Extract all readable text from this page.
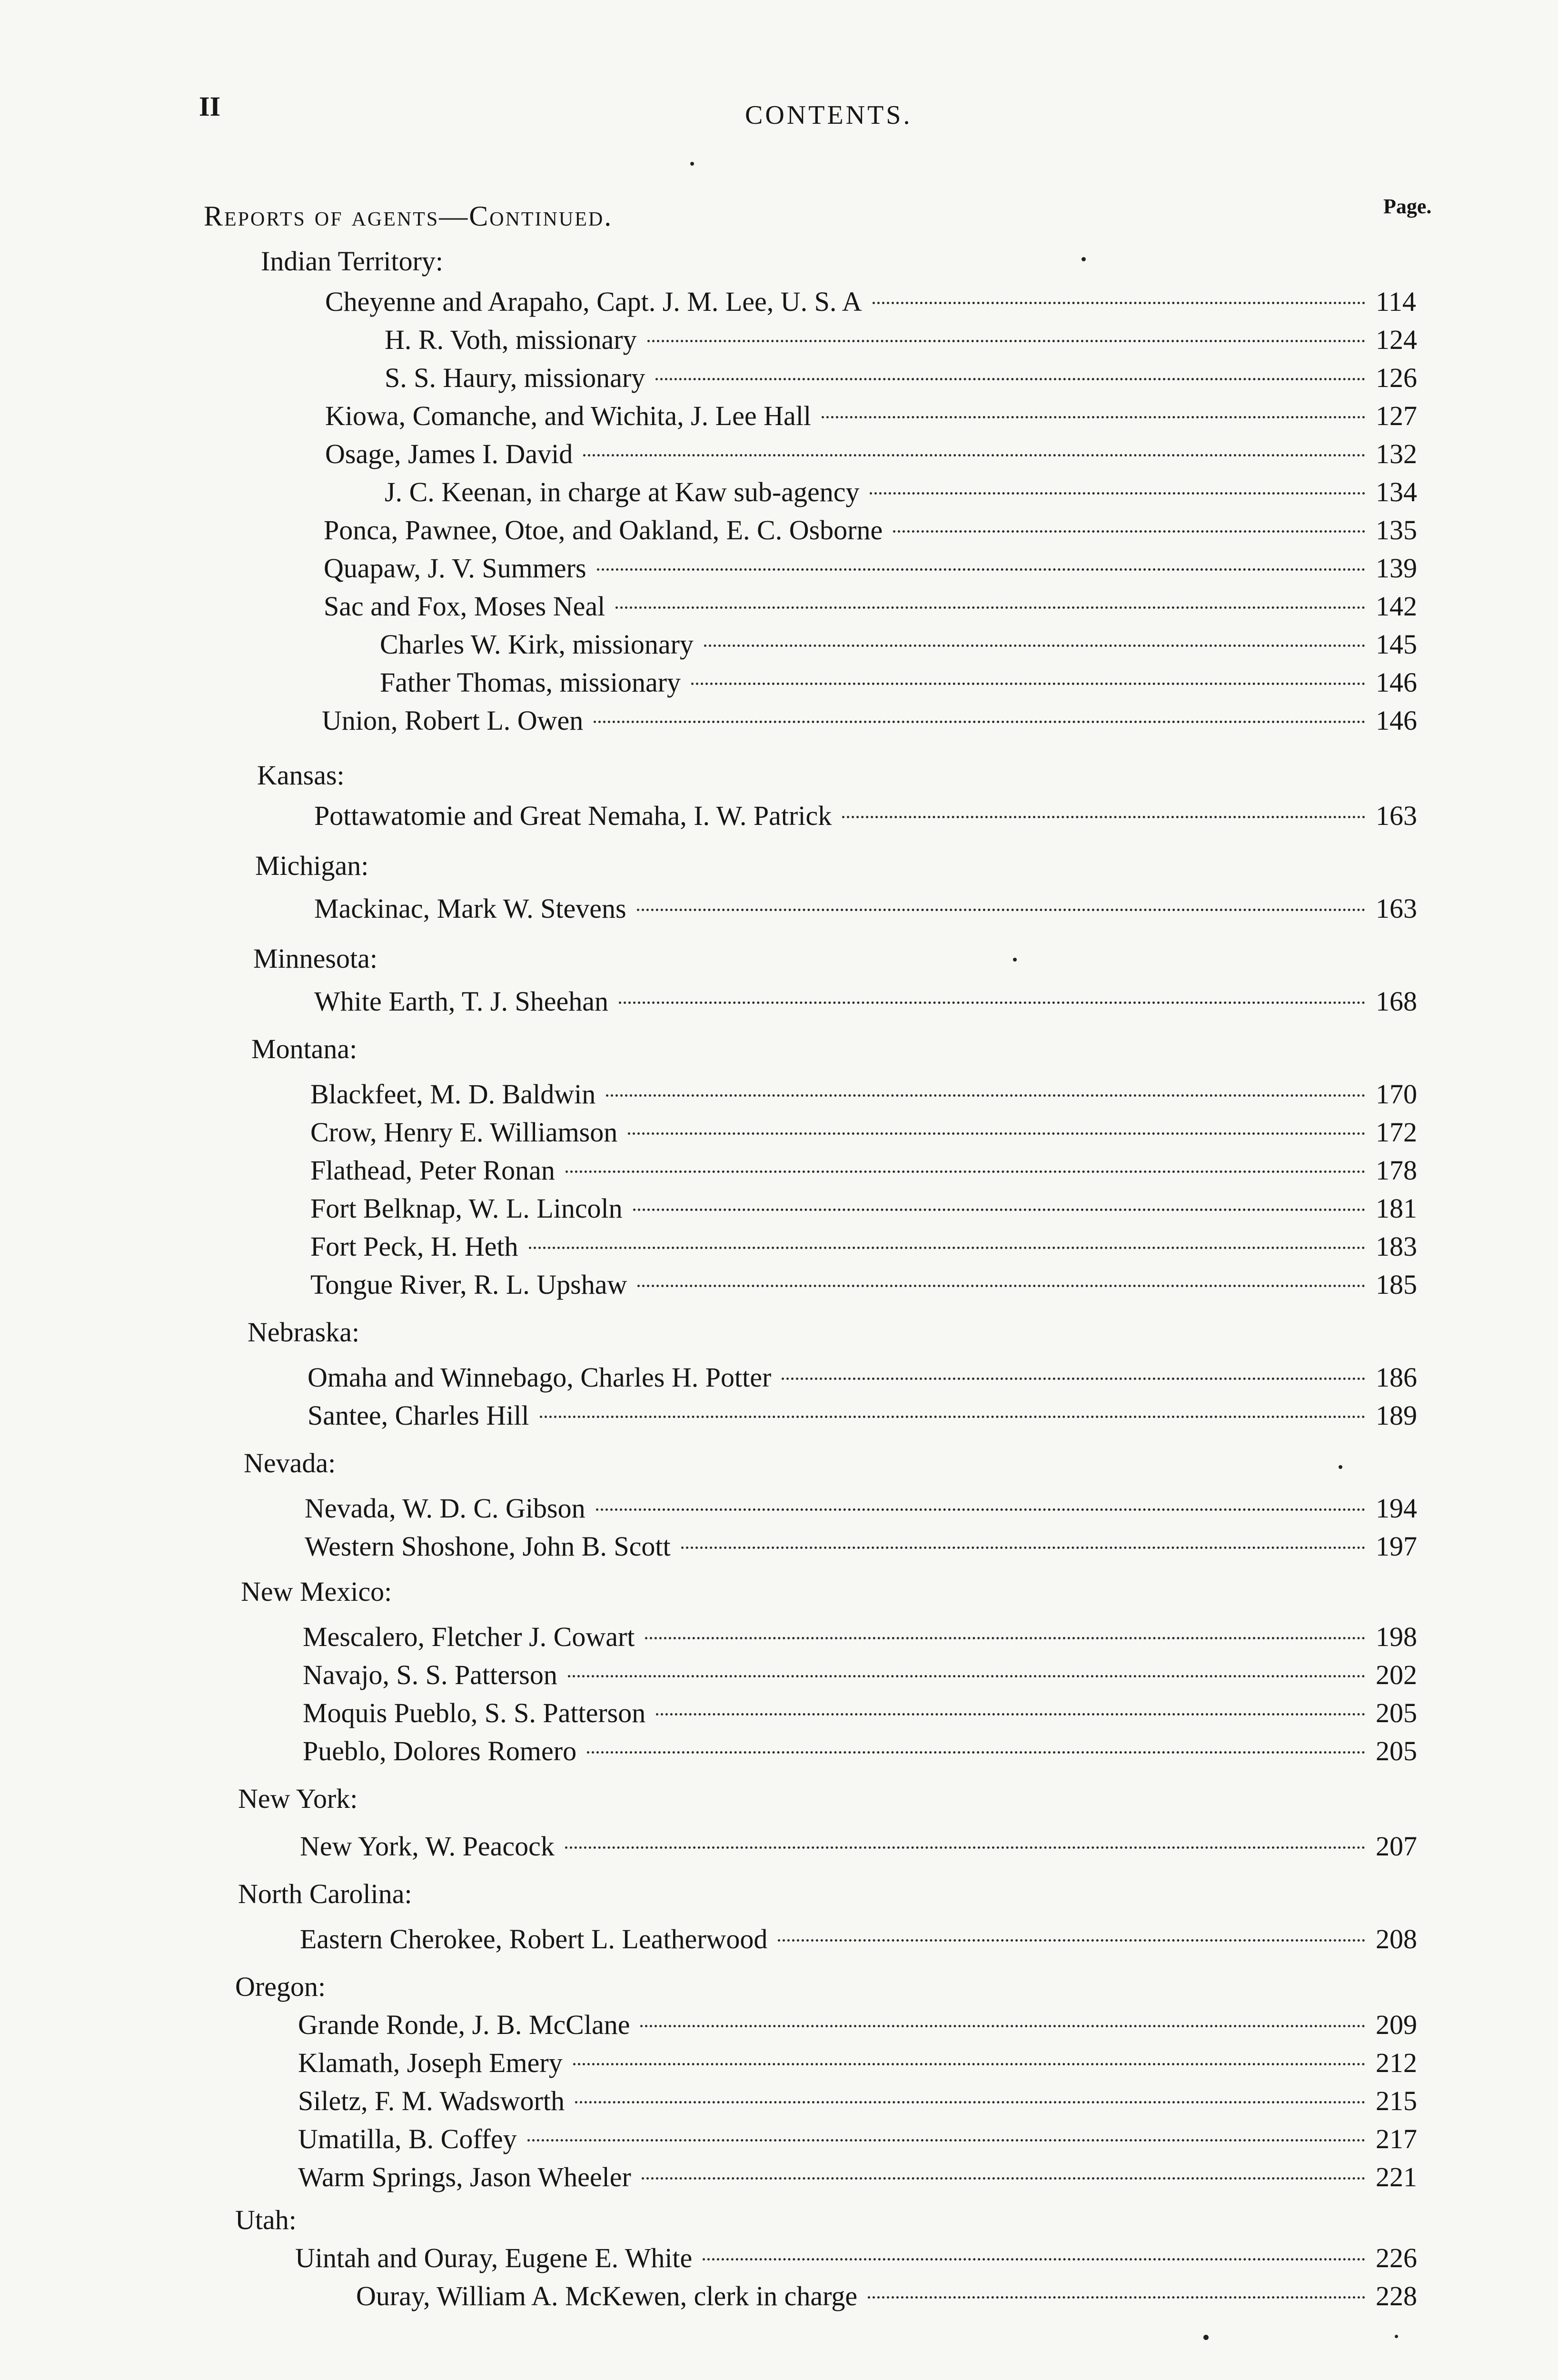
II	CONTENTS.
Reports of agents—Continued.	Page.
Indian Territory:
Cheyenne and Arapaho, Capt. J. M. Lee, U. S. A	114
H. R. Voth, missionary	124
S. S. Haury, missionary	126
Kiowa, Comanche, and Wichita, J. Lee Hall	127
Osage, James I. David	132
J. C. Keenan, in charge at Kaw sub-agency	134
Ponca, Pawnee, Otoe, and Oakland, E. C. Osborne	135
Quapaw, J. V. Summers	139
Sac and Fox, Moses Neal	142
Charles W. Kirk, missionary	145
Father Thomas, missionary	146
Union, Robert L. Owen	146
Kansas:
Pottawatomie and Great Nemaha, I. W. Patrick	163
Michigan:
Mackinac, Mark W. Stevens	163
Minnesota:
White Earth, T. J. Sheehan	168
Montana:
Blackfeet, M. D. Baldwin	170
Crow, Henry E. Williamson	172
Flathead, Peter Ronan	178
Fort Belknap, W. L. Lincoln	181
Fort Peck, H. Heth	183
Tongue River, R. L. Upshaw	185
Nebraska:
Omaha and Winnebago, Charles H. Potter	186
Santee, Charles Hill	189
Nevada:
Nevada, W. D. C. Gibson	194
Western Shoshone, John B. Scott	197
New Mexico:
Mescalero, Fletcher J. Cowart	198
Navajo, S. S. Patterson	202
Moquis Pueblo, S. S. Patterson	205
Pueblo, Dolores Romero	205
New York:
New York, W. Peacock	207
North Carolina:
Eastern Cherokee, Robert L. Leatherwood	208
Oregon:
Grande Ronde, J. B. McClane	209
Klamath, Joseph Emery	212
Siletz, F. M. Wadsworth	215
Umatilla, B. Coffey	217
Warm Springs, Jason Wheeler	221
Utah:
Uintah and Ouray, Eugene E. White	226
Ouray, William A. McKewen, clerk in charge	228
